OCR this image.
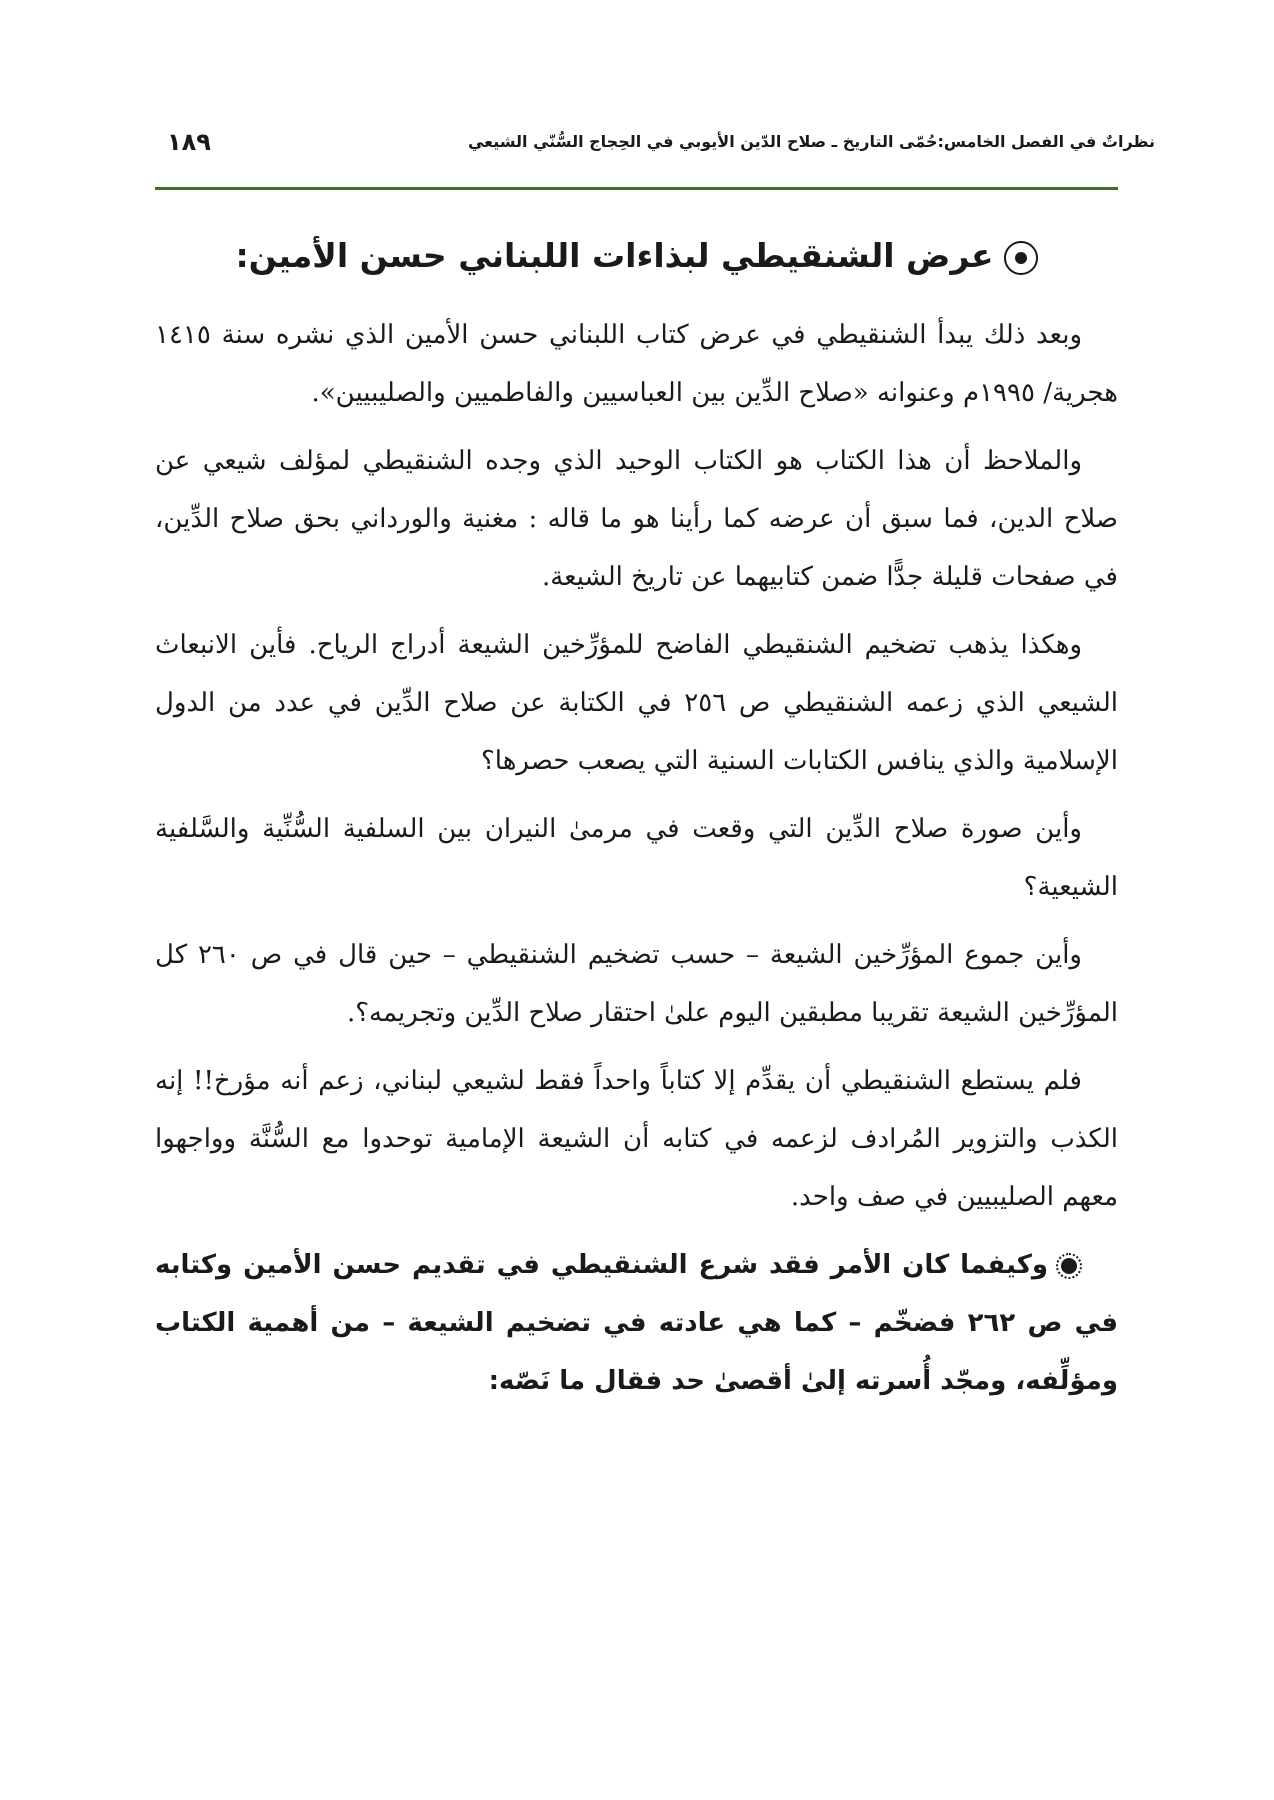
نظراتٌ في الفصل الخامس:حُمّى التاريخ ـ صلاح الدّين الأيوبي في الحِجاج السُّنّي الشيعي
١٨٩
عرض الشنقيطي لبذاءات اللبناني حسن الأمين:

وبعد ذلك يبدأ الشنقيطي في عرض كتاب اللبناني حسن الأمين الذي نشره سنة ١٤١٥ هجرية/ ١٩٩٥م وعنوانه «صلاح الدِّين بين العباسيين والفاطميين والصليبيين».

والملاحظ أن هذا الكتاب هو الكتاب الوحيد الذي وجده الشنقيطي لمؤلف شيعي عن صلاح الدين، فما سبق أن عرضه كما رأينا هو ما قاله : مغنية والورداني بحق صلاح الدِّين، في صفحات قليلة جدًّا ضمن كتابيهما عن تاريخ الشيعة.

وهكذا يذهب تضخيم الشنقيطي الفاضح للمؤرِّخين الشيعة أدراج الرياح. فأين الانبعاث الشيعي الذي زعمه الشنقيطي ص ٢٥٦ في الكتابة عن صلاح الدِّين في عدد من الدول الإسلامية والذي ينافس الكتابات السنية التي يصعب حصرها؟

وأين صورة صلاح الدِّين التي وقعت في مرمىٰ النيران بين السلفية السُّنِّية والسَّلفية الشيعية؟

وأين جموع المؤرِّخين الشيعة – حسب تضخيم الشنقيطي – حين قال في ص ٢٦٠ كل المؤرِّخين الشيعة تقريبا مطبقين اليوم علىٰ احتقار صلاح الدِّين وتجريمه؟.

فلم يستطع الشنقيطي أن يقدِّم إلا كتاباً واحداً فقط لشيعي لبناني، زعم أنه مؤرخ!! إنه الكذب والتزوير المُرادف لزعمه في كتابه أن الشيعة الإمامية توحدوا مع السُّنَّة وواجهوا معهم الصليبيين في صف واحد.

وكيفما كان الأمر فقد شرع الشنقيطي في تقديم حسن الأمين وكتابه في ص ٢٦٢ فضخّم – كما هي عادته في تضخيم الشيعة – من أهمية الكتاب ومؤلِّفه، ومجّد أُسرته إلىٰ أقصىٰ حد فقال ما نَصّه:
